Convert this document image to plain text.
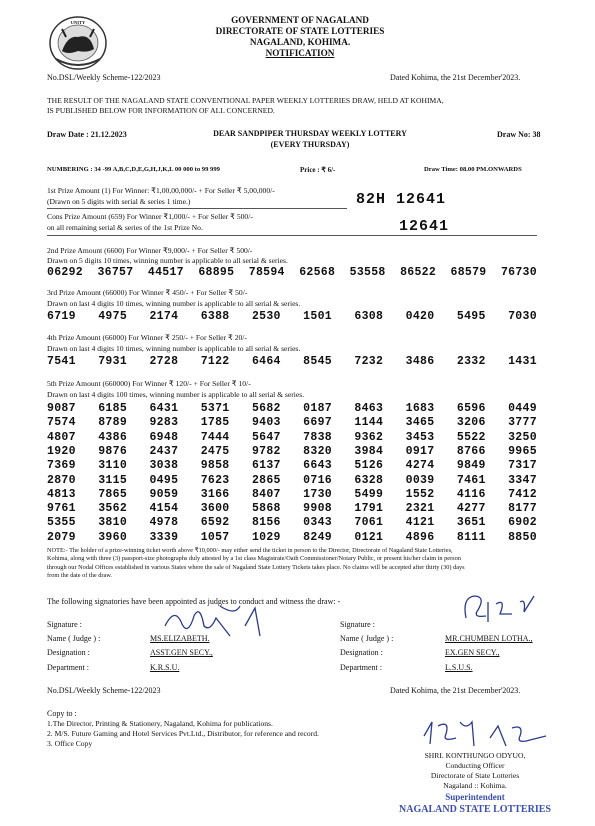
UNITY	GOVERNMENT OF NAGALAND
DIRECTORATE OF STATE LOTTERIES
NAGALAND, KOHIMA.
NOTIFICATION
No.DSL/Weekly Scheme-122/2023	Dated Kohima, the 21st December'2023.
THE RESULT OF THE NAGALAND STATE CONVENTIONAL PAPER WEEKLY LOTTERIES DRAW, HELD AT KOHIMA,
IS PUBLISHED BELOW FOR INFORMATION OF ALL CONCERNED.
Draw Date : 21.12.2023	DEAR SANDPIPER THURSDAY WEEKLY LOTTERY
(EVERY THURSDAY)
Draw No: 38
NUMBERING : 34 -99 A,B,C,D,E,G,H,J,K,L 00 000 to 99 999	Price : ₹ 6/-	Draw Time: 08.00 PM.ONWARDS
1st Prize Amount (1) For Winner: ₹1,00,00,000/- + For Seller ₹ 5,00,000/-
(Drawn on 5 digits with serial & series 1 time.)	82H 12641
Cons Prize Amount (659) For Winner ₹1,000/- + For Seller ₹ 500/-
on all remaining serial & series of the 1st Prize No.	12641
2nd Prize Amount (6600) For Winner ₹9,000/- + For Seller ₹ 500/-
Drawn on 5 digits 10 times, winning number is applicable to all serial & series.
06292 36757 44517 68895 78594 62568 53558 86522 68579 76730
3rd Prize Amount (66000) For Winner ₹ 450/- + For Seller ₹ 50/-
Drawn on last 4 digits 10 times, winning number is applicable to all serial & series.
6719 4975 2174 6388 2530 1501 6308 0420 5495 7030
4th Prize Amount (66000) For Winner ₹ 250/- + For Seller ₹ 20/-
Drawn on last 4 digits 10 times, winning number is applicable to all serial & series.
7541 7931 2728 7122 6464 8545 7232 3486 2332 1431
5th Prize Amount (660000) For Winner ₹ 120/- + For Seller ₹ 10/-
Drawn on last 4 digits 100 times, winning number is applicable to all serial & series.
9087 6185 6431 5371 5682 0187 8463 1683 6596 0449
7574 8789 9283 1785 9403 6697 1144 3465 3206 3777
4807 4386 6948 7444 5647 7838 9362 3453 5522 3250
1920 9876 2437 2475 9782 8320 3984 0917 8766 9965
7369 3110 3038 9858 6137 6643 5126 4274 9849 7317
2870 3115 0495 7623 2865 0716 6328 0039 7461 3347
4813 7865 9059 3166 8407 1730 5499 1552 4116 7412
9761 3562 4154 3600 5868 9908 1791 2321 4277 8177
5355 3810 4978 6592 8156 0343 7061 4121 3651 6902
2079 3960 3339 1057 1029 8249 0121 4896 8111 8850
NOTE:- The holder of a prize-winning ticket worth above ₹10,000/- may either send the ticket in person to the Director, Directorate of Nagaland State Lotteries,
Kohima, along with three (3) passport-size photographs duly attested by a 1st class Magistrate/Oath Commissioner/Notary Public, or present his/her claim in person
through our Nodal Offices established in various States where the sale of Nagaland State Lottery Tickets takes place. No claims will be accepted after thirty (30) days
from the date of the draw.
The following signatories have been appointed as judges to conduct and witness the draw: -
Signature :
Name ( Judge ) :	MS.ELIZABETH.
Designation :	ASST.GEN SECY.,
Department :	K.R.S.U.
Signature :
Name ( Judge ) :	MR.CHUMBEN LOTHA.,
Designation :	EX.GEN SECY.,
Department :	L.S.U.S.
No.DSL/Weekly Scheme-122/2023	Dated Kohima, the 21st December'2023.
Copy to :
1.The Director, Printing & Stationery, Nagaland, Kohima for publications.
2. M/S. Future Gaming and Hotel Services Pvt.Ltd., Distributor, for reference and record.
3. Office Copy
SHRI. KONTHUNGO ODYUO,
Conducting Officer
Directorate of State Lotteries
Nagaland :: Kohima.
Superintendent
NAGALAND STATE LOTTERIES
